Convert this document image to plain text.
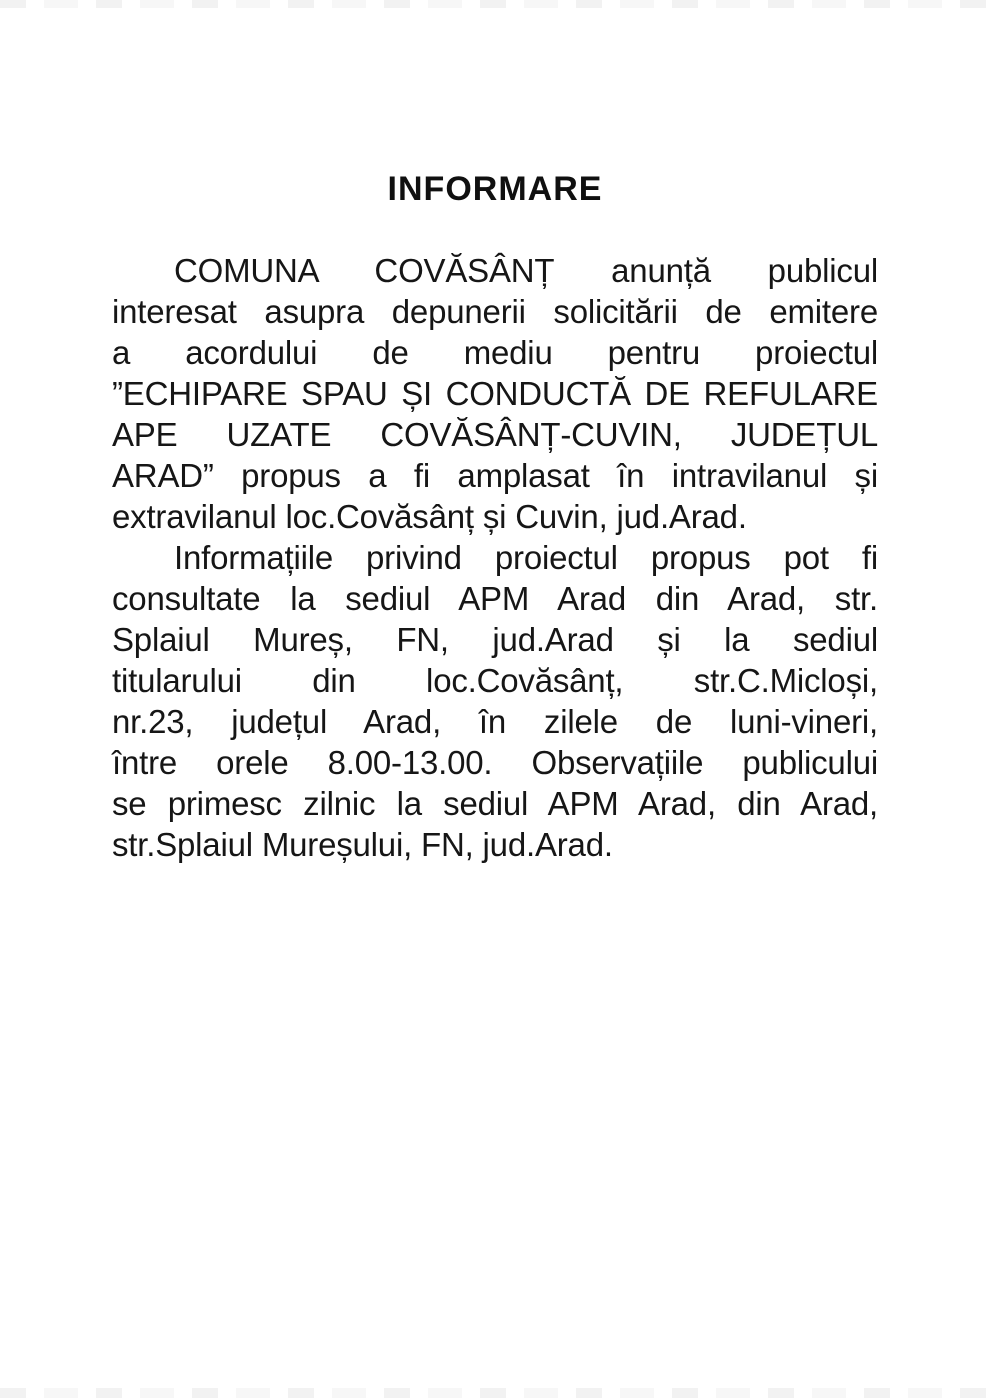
INFORMARE
COMUNA COVĂSÂNȚ anunță publicul
interesat asupra depunerii solicitării de emitere
a acordului de mediu pentru proiectul
”ECHIPARE SPAU ȘI CONDUCTĂ DE REFULARE
APE UZATE COVĂSÂNȚ-CUVIN, JUDEȚUL
ARAD” propus a fi amplasat în intravilanul și
extravilanul loc.Covăsânț și Cuvin, jud.Arad.
Informațiile privind proiectul propus pot fi
consultate la sediul APM Arad din Arad, str.
Splaiul Mureș, FN, jud.Arad și la sediul
titularului din loc.Covăsânț, str.C.Micloși,
nr.23, județul Arad, în zilele de luni-vineri,
între orele 8.00-13.00. Observațiile publicului
se primesc zilnic la sediul APM Arad, din Arad,
str.Splaiul Mureșului, FN, jud.Arad.
